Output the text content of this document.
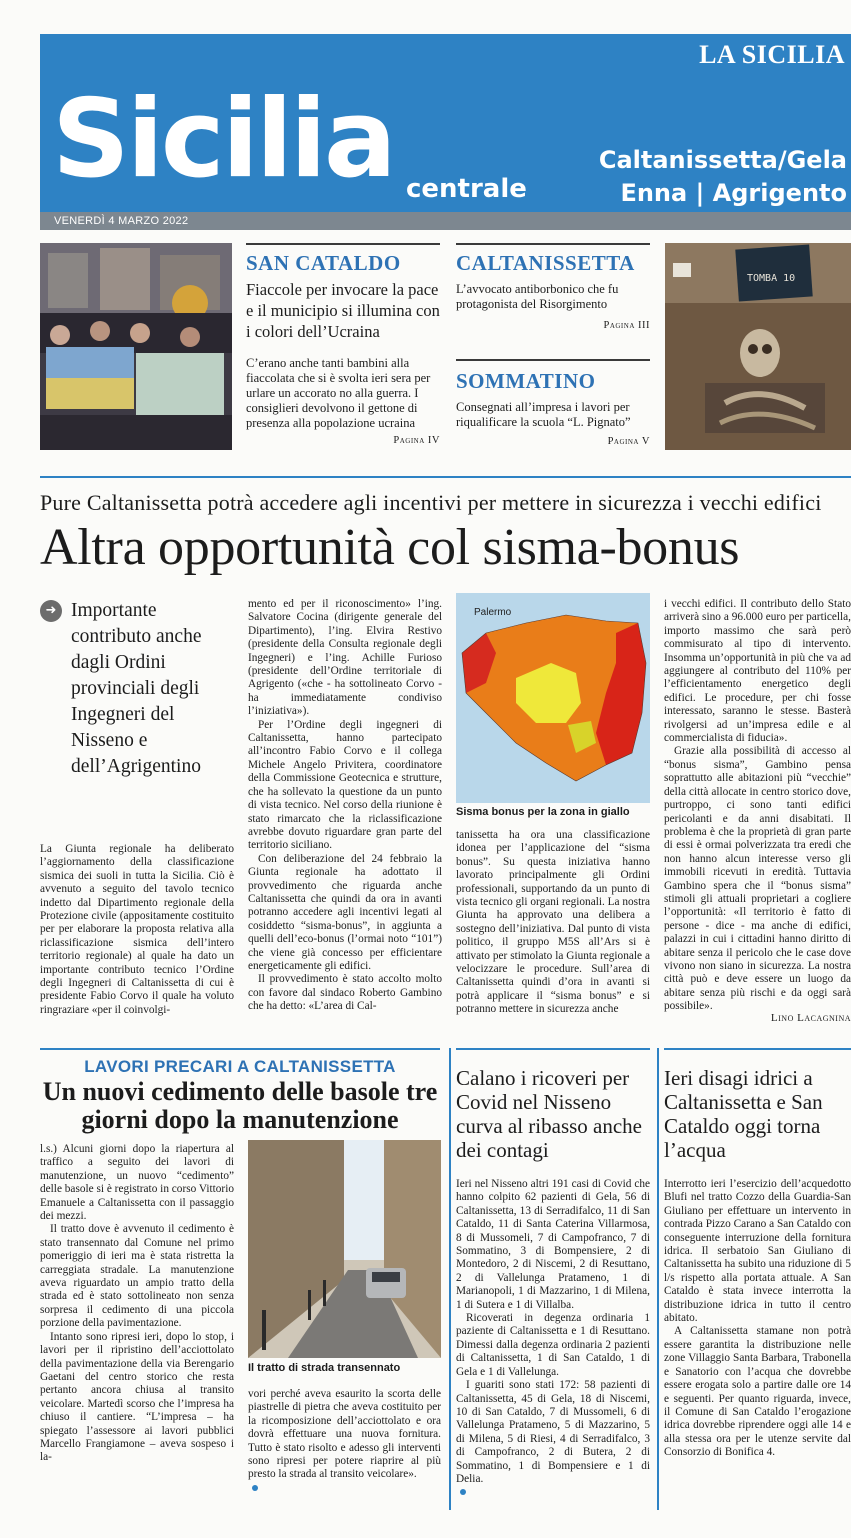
LA SICILIA
Sicilia centrale
Caltanissetta/Gela
Enna | Agrigento
VENERDÌ 4 MARZO 2022
SAN CATALDO
Fiaccole per invocare la pace e il municipio si illumina con i colori dell’Ucraina
C’erano anche tanti bambini alla fiaccolata che si è svolta ieri sera per urlare un accorato no alla guerra. I consiglieri devolvono il gettone di presenza alla popolazione ucraina
Pagina IV
CALTANISSETTA
L’avvocato antiborbonico che fu protagonista del Risorgimento
Pagina III
SOMMATINO
Consegnati all’impresa i lavori per riqualificare la scuola “L. Pignato”
Pagina V
TOMBA 10
Pure Caltanissetta potrà accedere agli incentivi per mettere in sicurezza i vecchi edifici
Altra opportunità col sisma-bonus
➜ Importante contributo anche dagli Ordini provinciali degli Ingegneri del Nisseno e dell’Agrigentino

La Giunta regionale ha deliberato l’aggiornamento della classificazione sismica dei suoli in tutta la Sicilia. Ciò è avvenuto a seguito del tavolo tecnico indetto dal Dipartimento regionale della Protezione civile (appositamente costituito per per elaborare la proposta relativa alla riclassificazione sismica dell’intero territorio regionale) al quale ha dato un importante contributo tecnico l’Ordine degli Ingegneri di Caltanissetta di cui è presidente Fabio Corvo il quale ha voluto ringraziare «per il coinvolgi-

mento ed per il riconoscimento» l’ing. Salvatore Cocina (dirigente generale del Dipartimento), l’ing. Elvira Restivo (presidente della Consulta regionale degli Ingegneri) e l’ing. Achille Furioso (presidente dell’Ordine territoriale di Agrigento («che - ha sottolineato Corvo - ha immediatamente condiviso l’iniziativa»).

Per l’Ordine degli ingegneri di Caltanissetta, hanno partecipato all’incontro Fabio Corvo e il collega Michele Angelo Privitera, coordinatore della Commissione Geotecnica e strutture, che ha sollevato la questione da un punto di vista tecnico. Nel corso della riunione è stato rimarcato che la riclassificazione avrebbe dovuto riguardare gran parte del territorio siciliano.

Con deliberazione del 24 febbraio la Giunta regionale ha adottato il provvedimento che riguarda anche Caltanissetta che quindi da ora in avanti potranno accedere agli incentivi legati al cosiddetto “sisma-bonus”, in aggiunta a quelli dell’eco-bonus (l’ormai noto “101”) che viene già concesso per efficientare energeticamente gli edifici.

Il provvedimento è stato accolto molto con favore dal sindaco Roberto Gambino che ha detto: «L’area di Cal-

Palermo
Sisma bonus per la zona in giallo

tanissetta ha ora una classificazione idonea per l’applicazione del “sisma bonus”. Su questa iniziativa hanno lavorato principalmente gli Ordini professionali, supportando da un punto di vista tecnico gli organi regionali. La nostra Giunta ha approvato una delibera a sostegno dell’iniziativa. Dal punto di vista politico, il gruppo M5S all’Ars si è attivato per stimolato la Giunta regionale a velocizzare le procedure. Sull’area di Caltanissetta quindi d’ora in avanti si potrà applicare il “sisma bonus” e si potranno mettere in sicurezza anche

i vecchi edifici. Il contributo dello Stato arriverà sino a 96.000 euro per particella, importo massimo che sarà però commisurato al tipo di intervento. Insomma un’opportunità in più che va ad aggiungere al contributo del 110% per l’efficientamento energetico degli edifici. Le procedure, per chi fosse interessato, saranno le stesse. Basterà rivolgersi ad un’impresa edile e al commercialista di fiducia».

Grazie alla possibilità di accesso al “bonus sisma”, Gambino pensa soprattutto alle abitazioni più “vecchie” della città allocate in centro storico dove, purtroppo, ci sono tanti edifici pericolanti e da anni disabitati. Il problema è che la proprietà di gran parte di essi è ormai polverizzata tra eredi che non hanno alcun interesse verso gli immobili ricevuti in eredità. Tuttavia Gambino spera che il “bonus sisma” stimoli gli attuali proprietari a cogliere l’opportunità: «Il territorio è fatto di persone - dice - ma anche di edifici, palazzi in cui i cittadini hanno diritto di abitare senza il pericolo che le case dove vivono non siano in sicurezza. La nostra città può e deve essere un luogo da abitare senza più rischi e da oggi sarà possibile».

Lino Lacagnina
LAVORI PRECARI A CALTANISSETTA
Un nuovi cedimento delle basole tre giorni dopo la manutenzione

l.s.) Alcuni giorni dopo la riapertura al traffico a seguito dei lavori di manutenzione, un nuovo “cedimento” delle basole si è registrato in corso Vittorio Emanuele a Caltanissetta con il passaggio dei mezzi.

Il tratto dove è avvenuto il cedimento è stato transennato dal Comune nel primo pomeriggio di ieri ma è stata ristretta la carreggiata stradale. La manutenzione aveva riguardato un ampio tratto della strada ed è stato sottolineato non senza sorpresa il cedimento di una piccola porzione della pavimentazione.

Intanto sono ripresi ieri, dopo lo stop, i lavori per il ripristino dell’acciottolato della pavimentazione della via Berengario Gaetani del centro storico che resta pertanto ancora chiusa al transito veicolare. Martedì scorso che l’impresa ha chiuso il cantiere. “L’impresa – ha spiegato l’assessore ai lavori pubblici Marcello Frangiamone – aveva sospeso i la-

Il tratto di strada transennato

vori perché aveva esaurito la scorta delle piastrelle di pietra che aveva costituito per la ricomposizione dell’acciottolato e ora dovrà effettuare una nuova fornitura. Tutto è stato risolto e adesso gli interventi sono ripresi per potere riaprire al più presto la strada al transito veicolare».

Calano i ricoveri per Covid nel Nisseno curva al ribasso anche dei contagi

Ieri nel Nisseno altri 191 casi di Covid che hanno colpito 62 pazienti di Gela, 56 di Caltanissetta, 13 di Serradifalco, 11 di San Cataldo, 11 di Santa Caterina Villarmosa, 8 di Mussomeli, 7 di Campofranco, 7 di Sommatino, 3 di Bompensiere, 2 di Montedoro, 2 di Niscemi, 2 di Resuttano, 2 di Vallelunga Pratameno, 1 di Marianopoli, 1 di Mazzarino, 1 di Milena, 1 di Sutera e 1 di Villalba.

Ricoverati in degenza ordinaria 1 paziente di Caltanissetta e 1 di Resuttano. Dimessi dalla degenza ordinaria 2 pazienti di Caltanissetta, 1 di San Cataldo, 1 di Gela e 1 di Vallelunga.

I guariti sono stati 172: 58 pazienti di Caltanissetta, 45 di Gela, 18 di Niscemi, 10 di San Cataldo, 7 di Mussomeli, 6 di Vallelunga Pratameno, 5 di Mazzarino, 5 di Milena, 5 di Riesi, 4 di Serradifalco, 3 di Campofranco, 2 di Butera, 2 di Sommatino, 1 di Bompensiere e 1 di Delia.

Ieri disagi idrici a Caltanissetta e San Cataldo oggi torna l’acqua

Interrotto ieri l’esercizio dell’acquedotto Blufi nel tratto Cozzo della Guardia-San Giuliano per effettuare un intervento in contrada Pizzo Carano a San Cataldo con conseguente interruzione della fornitura idrica. Il serbatoio San Giuliano di Caltanissetta ha subito una riduzione di 5 l/s rispetto alla portata attuale. A San Cataldo è stata invece interrotta la distribuzione idrica in tutto il centro abitato.

A Caltanissetta stamane non potrà essere garantita la distribuzione nelle zone Villaggio Santa Barbara, Trabonella e Sanatorio con l’acqua che dovrebbe essere erogata solo a partire dalle ore 14 e seguenti. Per quanto riguarda, invece, il Comune di San Cataldo l’erogazione idrica dovrebbe riprendere oggi alle 14 e alla stessa ora per le utenze servite dal Consorzio di Bonifica 4.
